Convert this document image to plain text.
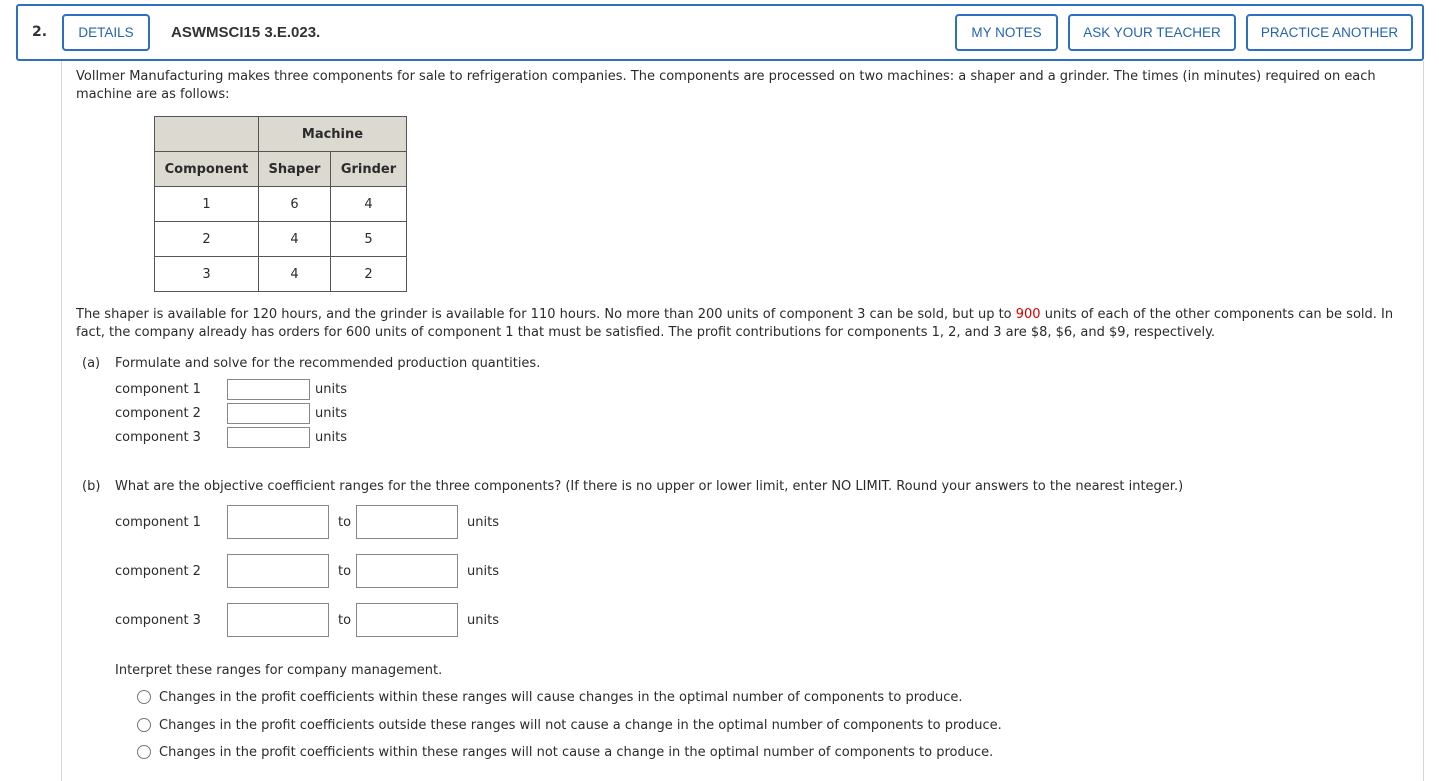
2.	DETAILS	ASWMSCI15 3.E.023.	MY NOTES	ASK YOUR TEACHER	PRACTICE ANOTHER

Vollmer Manufacturing makes three components for sale to refrigeration companies. The components are processed on two machines: a shaper and a grinder. The times (in minutes) required on each machine are as follows:

	Machine	
Component	Shaper	Grinder
1	6	4
2	4	5
3	4	2

The shaper is available for 120 hours, and the grinder is available for 110 hours. No more than 200 units of component 3 can be sold, but up to 900 units of each of the other components can be sold. In fact, the company already has orders for 600 units of component 1 that must be satisfied. The profit contributions for components 1, 2, and 3 are $8, $6, and $9, respectively.

(a) Formulate and solve for the recommended production quantities.
component 1	units
component 2	units
component 3	units
(b) What are the objective coefficient ranges for the three components? (If there is no upper or lower limit, enter NO LIMIT. Round your answers to the nearest integer.)
component 1	to	units
component 2	to	units
component 3	to	units
Interpret these ranges for company management.
Changes in the profit coefficients within these ranges will cause changes in the optimal number of components to produce.
Changes in the profit coefficients outside these ranges will not cause a change in the optimal number of components to produce.
Changes in the profit coefficients within these ranges will not cause a change in the optimal number of components to produce.
